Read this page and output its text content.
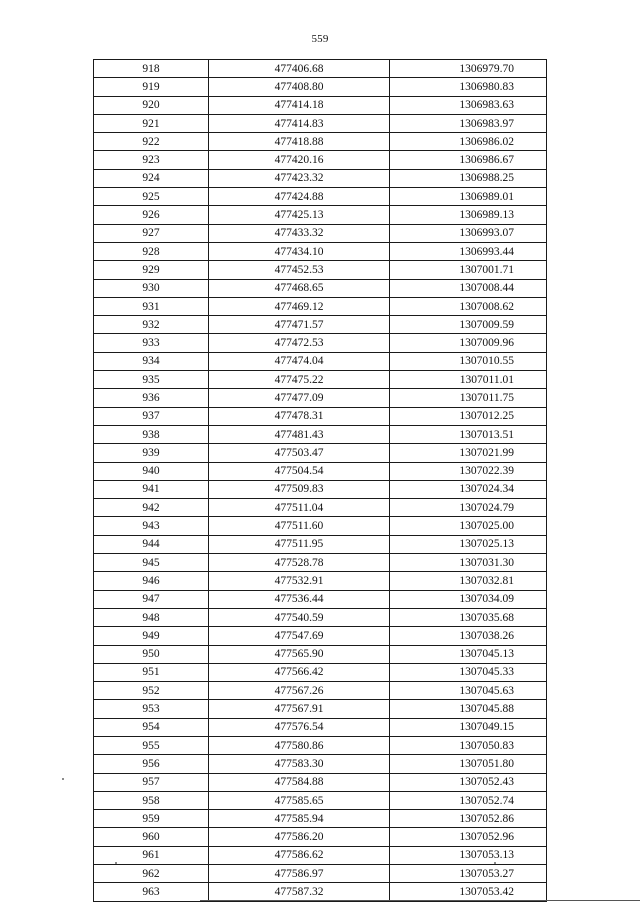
559
918	477406.68	1306979.70
919	477408.80	1306980.83
920	477414.18	1306983.63
921	477414.83	1306983.97
922	477418.88	1306986.02
923	477420.16	1306986.67
924	477423.32	1306988.25
925	477424.88	1306989.01
926	477425.13	1306989.13
927	477433.32	1306993.07
928	477434.10	1306993.44
929	477452.53	1307001.71
930	477468.65	1307008.44
931	477469.12	1307008.62
932	477471.57	1307009.59
933	477472.53	1307009.96
934	477474.04	1307010.55
935	477475.22	1307011.01
936	477477.09	1307011.75
937	477478.31	1307012.25
938	477481.43	1307013.51
939	477503.47	1307021.99
940	477504.54	1307022.39
941	477509.83	1307024.34
942	477511.04	1307024.79
943	477511.60	1307025.00
944	477511.95	1307025.13
945	477528.78	1307031.30
946	477532.91	1307032.81
947	477536.44	1307034.09
948	477540.59	1307035.68
949	477547.69	1307038.26
950	477565.90	1307045.13
951	477566.42	1307045.33
952	477567.26	1307045.63
953	477567.91	1307045.88
954	477576.54	1307049.15
955	477580.86	1307050.83
956	477583.30	1307051.80
957	477584.88	1307052.43
958	477585.65	1307052.74
959	477585.94	1307052.86
960	477586.20	1307052.96
961	477586.62	1307053.13
962	477586.97	1307053.27
963	477587.32	1307053.42
